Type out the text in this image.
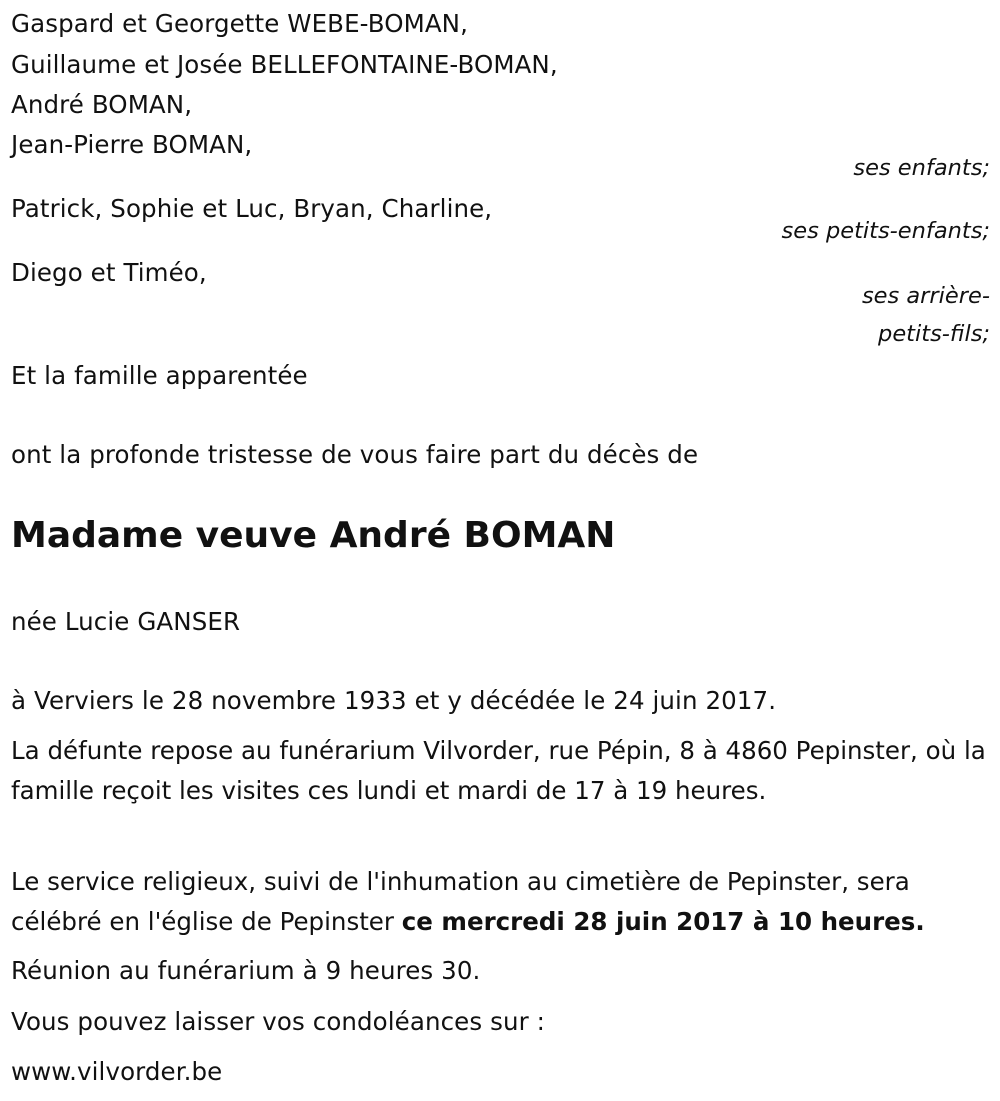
Gaspard et Georgette WEBE-BOMAN,
Guillaume et Josée BELLEFONTAINE-BOMAN,
André BOMAN,
Jean-Pierre BOMAN,
ses enfants;
Patrick, Sophie et Luc, Bryan, Charline,
ses petits-enfants;
Diego et Timéo,
ses arrière-
petits-fils;
Et la famille apparentée
ont la profonde tristesse de vous faire part du décès de
Madame veuve André BOMAN
née Lucie GANSER
à Verviers le 28 novembre 1933 et y décédée le 24 juin 2017.
La défunte repose au funérarium Vilvorder, rue Pépin, 8 à 4860 Pepinster, où la famille reçoit les visites ces lundi et mardi de 17 à 19 heures.
Le service religieux, suivi de l'inhumation au cimetière de Pepinster, sera célébré en l'église de Pepinster ce mercredi 28 juin 2017 à 10 heures.
Réunion au funérarium à 9 heures 30.
Vous pouvez laisser vos condoléances sur :
www.vilvorder.be
